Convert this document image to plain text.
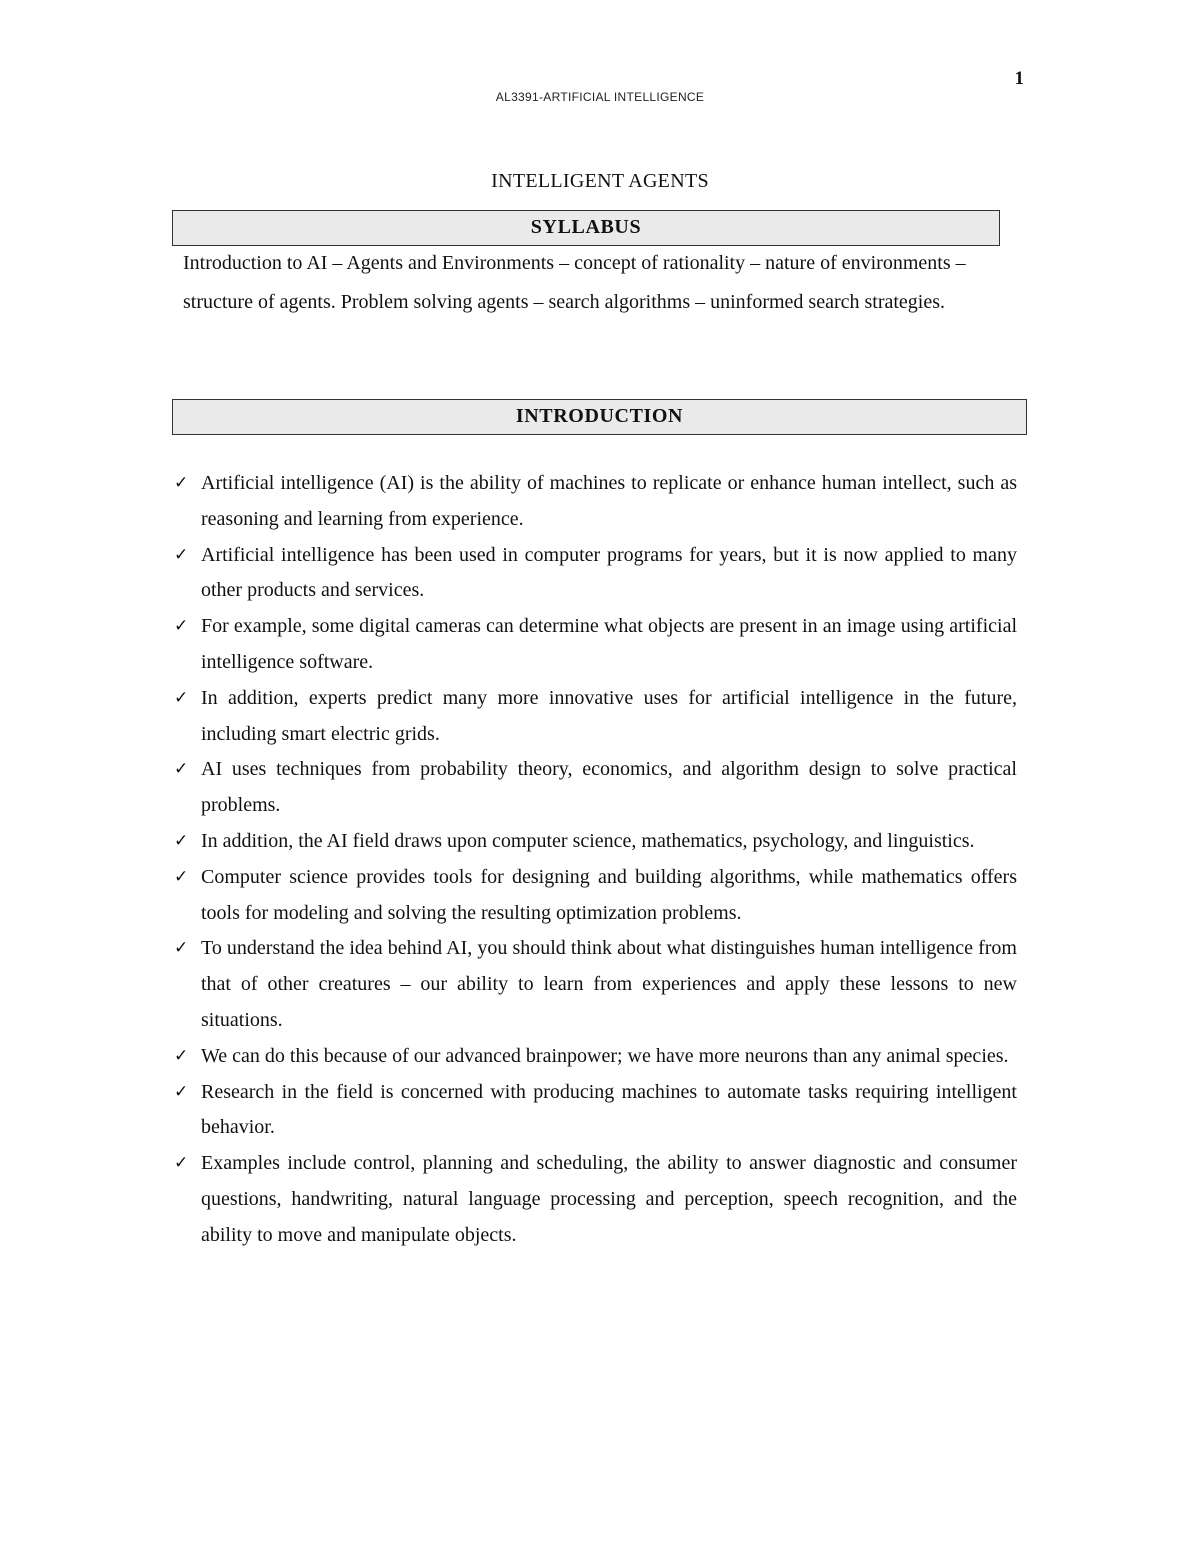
1
AL3391-ARTIFICIAL INTELLIGENCE
INTELLIGENT AGENTS
SYLLABUS
Introduction to AI – Agents and Environments – concept of rationality – nature of environments – structure of agents. Problem solving agents – search algorithms – uninformed search strategies.
INTRODUCTION
✓ Artificial intelligence (AI) is the ability of machines to replicate or enhance human intellect, such as reasoning and learning from experience.
✓ Artificial intelligence has been used in computer programs for years, but it is now applied to many other products and services.
✓ For example, some digital cameras can determine what objects are present in an image using artificial intelligence software.
✓ In addition, experts predict many more innovative uses for artificial intelligence in the future, including smart electric grids.
✓ AI uses techniques from probability theory, economics, and algorithm design to solve practical problems.
✓ In addition, the AI field draws upon computer science, mathematics, psychology, and linguistics.
✓ Computer science provides tools for designing and building algorithms, while mathematics offers tools for modeling and solving the resulting optimization problems.
✓ To understand the idea behind AI, you should think about what distinguishes human intelligence from that of other creatures – our ability to learn from experiences and apply these lessons to new situations.
✓ We can do this because of our advanced brainpower; we have more neurons than any animal species.
✓ Research in the field is concerned with producing machines to automate tasks requiring intelligent behavior.
✓ Examples include control, planning and scheduling, the ability to answer diagnostic and consumer questions, handwriting, natural language processing and perception, speech recognition, and the ability to move and manipulate objects.
